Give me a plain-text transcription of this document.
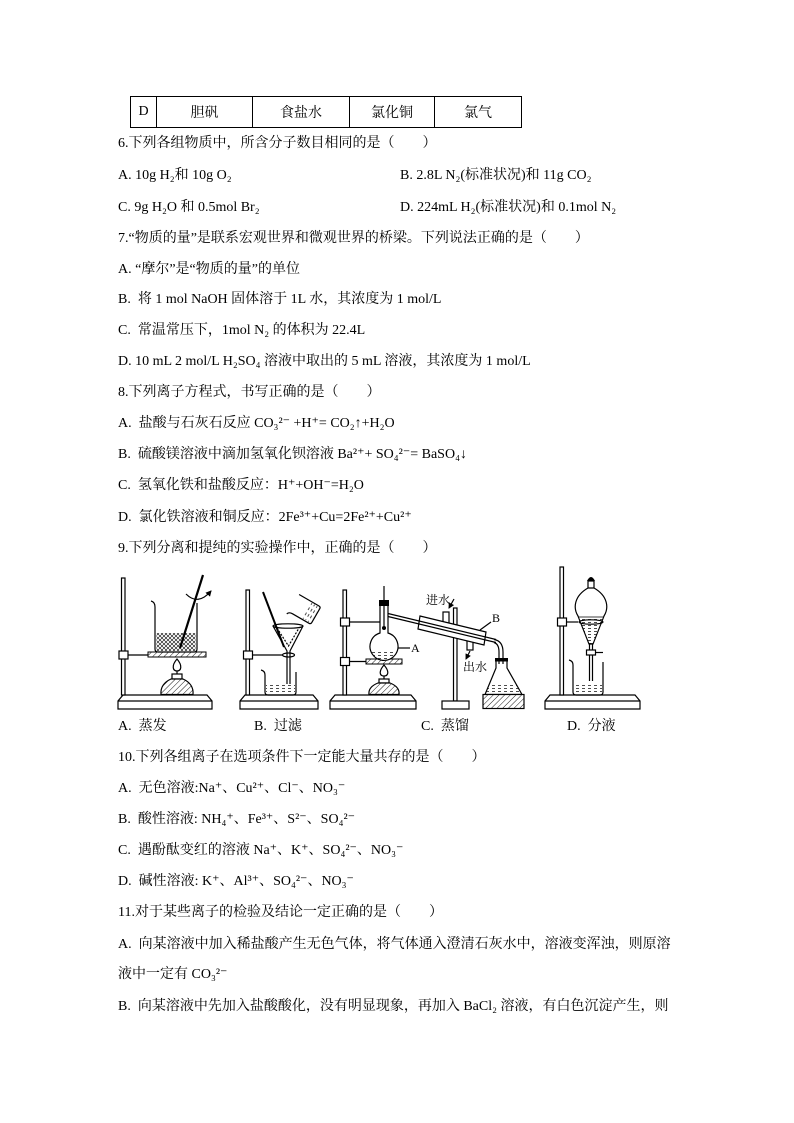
D	胆矾	食盐水	氯化铜	氯气
6.下列各组物质中，所含分子数目相同的是（　　）
A. 10g H₂和 10g O₂	B. 2.8L N₂(标准状况)和 11g CO₂
C. 9g H₂O 和 0.5mol Br₂	D. 224mL H₂(标准状况)和 0.1mol N₂
7.“物质的量”是联系宏观世界和微观世界的桥梁。下列说法正确的是（　　）
A. “摩尔”是“物质的量”的单位
B.  将 1 mol NaOH 固体溶于 1L 水，其浓度为 1 mol/L
C.  常温常压下，1mol N₂ 的体积为 22.4L
D. 10 mL 2 mol/L H₂SO₄ 溶液中取出的 5 mL 溶液，其浓度为 1 mol/L
8.下列离子方程式，书写正确的是（　　）
A.  盐酸与石灰石反应 CO₃²⁻ +H⁺= CO₂↑+H₂O
B.  硫酸镁溶液中滴加氢氧化钡溶液 Ba²⁺+ SO₄²⁻= BaSO₄↓
C.  氢氧化铁和盐酸反应：H⁺+OH⁻=H₂O
D.  氯化铁溶液和铜反应：2Fe³⁺+Cu=2Fe²⁺+Cu²⁺
9.下列分离和提纯的实验操作中，正确的是（　　）
A
进水
B
出水
A.  蒸发	B.  过滤	C.  蒸馏	D.  分液
10.下列各组离子在选项条件下一定能大量共存的是（　　）
A.  无色溶液:Na⁺、Cu²⁺、Cl⁻、NO₃⁻
B.  酸性溶液: NH₄⁺、Fe³⁺、S²⁻、SO₄²⁻
C.  遇酚酞变红的溶液 Na⁺、K⁺、SO₄²⁻、NO₃⁻
D.  碱性溶液: K⁺、Al³⁺、SO₄²⁻、NO₃⁻
11.对于某些离子的检验及结论一定正确的是（　　）
A.  向某溶液中加入稀盐酸产生无色气体，将气体通入澄清石灰水中，溶液变浑浊，则原溶
液中一定有 CO₃²⁻
B.  向某溶液中先加入盐酸酸化，没有明显现象，再加入 BaCl₂ 溶液，有白色沉淀产生，则
